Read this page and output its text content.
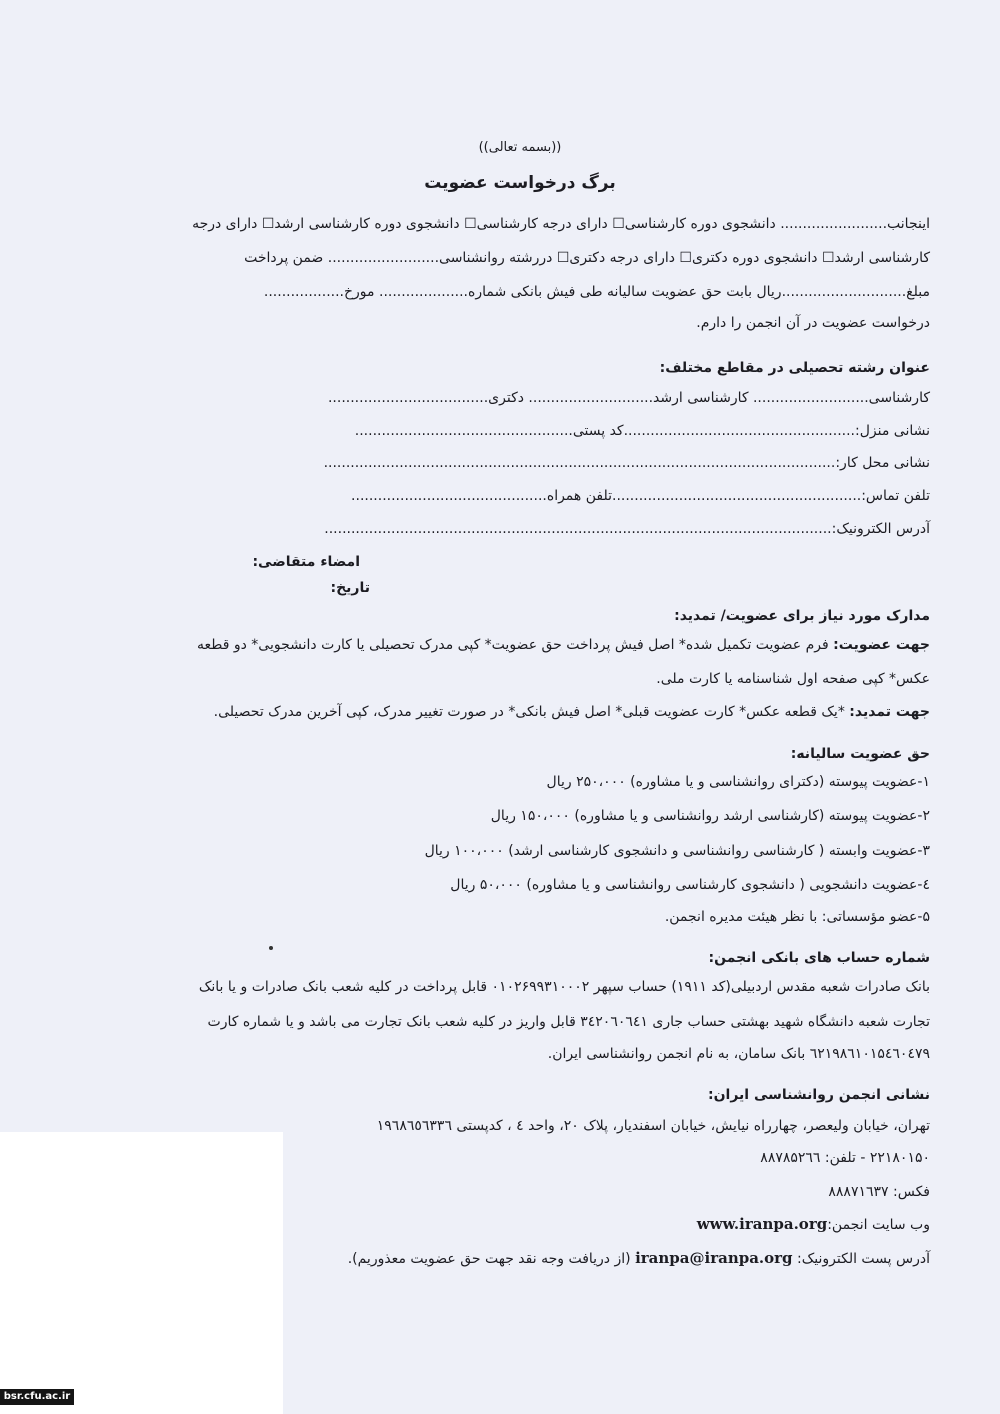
((بسمه تعالی))
برگ درخواست عضویت
اینجانب........................ دانشجوی دوره کارشناسی☐ دارای درجه کارشناسی☐ دانشجوی دوره کارشناسی ارشد☐ دارای درجه
کارشناسی ارشد☐ دانشجوی دوره دکتری☐ دارای درجه دکتری☐ دررشته روانشناسی......................... ضمن پرداخت
مبلغ............................ریال بابت حق عضویت سالیانه طی فیش بانکی شماره.................... مورخ..................
درخواست عضویت در آن انجمن را دارم.
عنوان رشته تحصیلی در مقاطع مختلف:
کارشناسی.......................... کارشناسی ارشد............................ دکتری....................................
نشانی منزل:....................................................کد پستی.................................................
نشانی محل کار:...................................................................................................................
تلفن تماس:........................................................تلفن همراه............................................
آدرس الکترونیک:..................................................................................................................
امضاء متقاضی:
تاریخ:
مدارک مورد نیاز برای عضویت/ تمدید:
جهت عضویت: فرم عضویت تکمیل شده* اصل فیش پرداخت حق عضویت* کپی مدرک تحصیلی یا کارت دانشجویی* دو قطعه
عکس* کپی صفحه اول شناسنامه یا کارت ملی.
جهت تمدید: *یک قطعه عکس* کارت عضویت قبلی* اصل فیش بانکی* در صورت تغییر مدرک، کپی آخرین مدرک تحصیلی.
حق عضویت سالیانه:
۱-عضویت پیوسته (دکترای روانشناسی و یا مشاوره) ۲۵۰،۰۰۰ ریال
۲-عضویت پیوسته (کارشناسی ارشد روانشناسی و یا مشاوره) ۱۵۰،۰۰۰ ریال
۳-عضویت وابسته ( کارشناسی روانشناسی و دانشجوی کارشناسی ارشد) ۱۰۰،۰۰۰ ریال
٤-عضویت دانشجویی ( دانشجوی کارشناسی روانشناسی و یا مشاوره) ۵۰،۰۰۰ ریال
۵-عضو مؤسساتی: با نظر هیئت مدیره انجمن.
شماره حساب های بانکی انجمن:
بانک صادرات شعبه مقدس اردبیلی(کد ۱۹۱۱) حساب سپهر ۰۱۰۲۶۹۹۳۱۰۰۰۲ قابل پرداخت در کلیه شعب بانک صادرات و یا بانک
تجارت شعبه دانشگاه شهید بهشتی حساب جاری ۳٤۲۰٦۰٦٤۱ قابل واریز در کلیه شعب بانک تجارت می باشد و یا شماره کارت
٦۲۱۹۸٦۱۰۱۵٤٦۰٤۷۹ بانک سامان، به نام انجمن روانشناسی ایران.
نشانی انجمن روانشناسی ایران:
تهران، خیابان ولیعصر، چهارراه نیایش، خیابان اسفندیار، پلاک ۲۰، واحد ٤ ، کدپستی ۱۹٦۸٦٥٦۳۳٦
۲۲۱۸۰۱۵۰ - تلفن: ۸۸۷۸۵۲٦٦
فکس: ۸۸۸۷۱٦۳۷
وب سایت انجمن:www.iranpa.org
آدرس پست الکترونیک: iranpa@iranpa.org (از دریافت وجه نقد جهت حق عضویت معذوریم).
bsr.cfu.ac.ir
